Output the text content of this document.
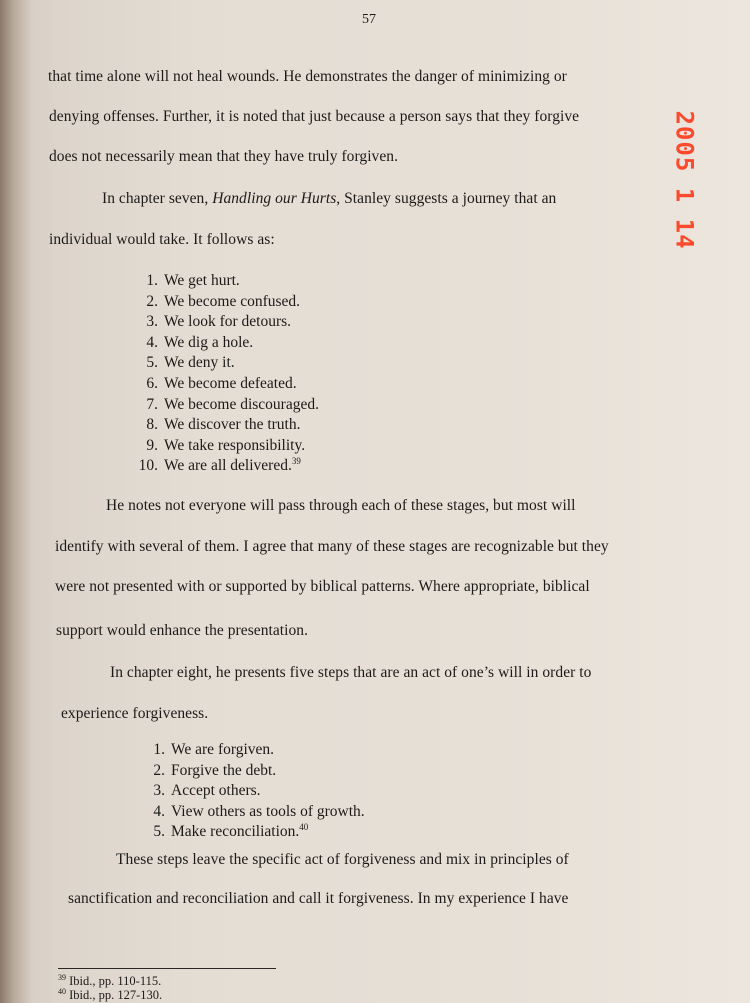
57
2005 1 14
that time alone will not heal wounds. He demonstrates the danger of minimizing or
denying offenses. Further, it is noted that just because a person says that they forgive
does not necessarily mean that they have truly forgiven.
In chapter seven, Handling our Hurts, Stanley suggests a journey that an
individual would take. It follows as:
1. We get hurt.
2. We become confused.
3. We look for detours.
4. We dig a hole.
5. We deny it.
6. We become defeated.
7. We become discouraged.
8. We discover the truth.
9. We take responsibility.
10. We are all delivered.$^{39}$
He notes not everyone will pass through each of these stages, but most will
identify with several of them. I agree that many of these stages are recognizable but they
were not presented with or supported by biblical patterns. Where appropriate, biblical
support would enhance the presentation.
In chapter eight, he presents five steps that are an act of one’s will in order to
experience forgiveness.
1. We are forgiven.
2. Forgive the debt.
3. Accept others.
4. View others as tools of growth.
5. Make reconciliation.$^{40}$
These steps leave the specific act of forgiveness and mix in principles of
sanctification and reconciliation and call it forgiveness. In my experience I have
$^{39}$ Ibid., pp. 110-115.
$^{40}$ Ibid., pp. 127-130.
